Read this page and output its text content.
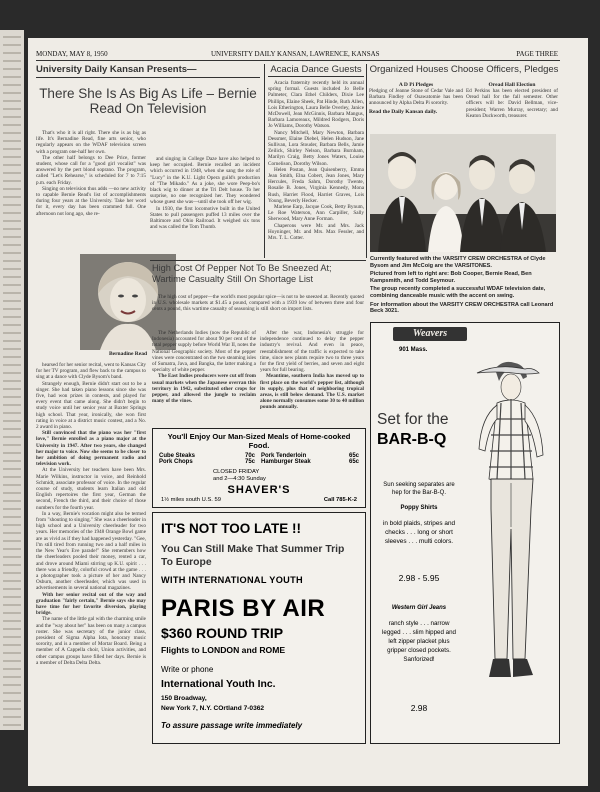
MONDAY, MAY 8, 1950	UNIVERSITY DAILY KANSAN, LAWRENCE, KANSAS	PAGE THREE
University Daily Kansan Presents—
There She Is As Big As Life – Bernie Read On Television

That's who it is all right. There she is as big as life. It's Bernadine Read, fine arts senior, who regularly appears on the WDAF television screen with a program one-half her own.

The other half belongs to Dee Price, former student, whose call for a "good girl vocalist" was answered by the pert blond soprano. The program, called "Let's Rehearse," is scheduled for 7 to 7:15 p.m. each Friday.

Singing on television thus adds —no new activity to capable Bernie Read's list of accomplishments during four years at the University. Take her word for it, every day has been crammed full. One afternoon not long ago, she re-

and singing in College Daze have also helped to keep her occupied. Bernie recalled an incident which occurred in 1948, when she sang the role of "Lucy" in the K.U. Light Opera guild's production of "The Mikado." As a joke, she wore Peep-bo's black wig to dinner at the Tri Delt house. To her surprise, no one recognized her. They wondered whose guest she was—until she took off her wig.

In 1930, the first locomotive built in the United States to pull passengers puffed 13 miles over the Baltimore and Ohio Railroad. It weighed six tons and was called the Tom Thumb.

Bernadine Read

hearsed for her senior recital, went to Kansas City for her TV program, and flew back to the campus to sing at a dance with Clyde Bysom's band.

Strangely enough, Bernie didn't start out to be a singer. She had taken piano lessons since she was five, had won prizes in contests, and played for every event that came along. She didn't begin to study voice until her senior year at Baxter Springs high school. That year, ironically, she won first rating in voice at a district music contest, and a No. 2 award in piano.

Still convinced that the piano was her "first love," Bernie enrolled as a piano major at the University in 1947. After two years, she changed her major to voice. Now she seems to be closer to her ambition of doing permanent radio and television work.

At the University her teachers have been Mrs. Marie Wilkins, instructor in voice, and Reinhold Schmidt, associate professor of voice. In the regular course of study, students learn Italian and old English repertoires the first year, German the second, French the third, and their choice of those numbers for the fourth year.

In a way, Bernie's vocation might also be termed from "shouting to singing." She was a cheerleader in high school and a University cheerleader for two years. Her memories of the 1948 Orange Bowl game are as vivid as if they had happened yesterday. "Gee, I'm still tired from running two and a half miles in the New Year's Eve parade!" She remembers how the cheerleaders pooled their money, rented a car, and drove around Miami stirring up K.U. spirit . . . there was a friendly, colorful crowd at the game . . . a photographer took a picture of her and Nancy Osburn, another cheerleader, which was used in advertisements in several national magazines.

With her senior recital out of the way and graduation "fairly certain," Bernie says she may have time for her favorite diversion, playing bridge.

The name of the little gal with the charming smile and the "way about her" has been on many a campus roster. She was secretary of the junior class, president of Sigma Alpha Iota, honorary music sorority, and is a member of Mortar Board. Being a member of A Cappella choir, Union activities, and other campus groups have filled her days. Bernie is a member of Delta Delta Delta.

Acacia Dance Guests

Acacia fraternity recently held its annual spring formal. Guests included Jo Belle Palmeter, Clara Ethel Childers, Dixie Lee Phillips, Elaine Sheek, Pat Hinde, Ruth Allen, Lois Etherington, Laura Belle Overley, Janice McDowell, Jean McGinnis, Barbara Mangus, Barbara Lamoreaux, Mildred Rodgers, Doris Jo Williams, Dorothy Watson.

Nancy Mitchell, Mary Newton, Barbara Dessmer, Elaine Diebel, Helen Hudson, Jane Sullivan, Lora Stouder, Barbara Bells, Jamie Zeilick, Shirley Nelson, Barbara Burnham, Marilyn Craig, Betty Jones Waters, Louise Cornelison, Dorothy Wilson.

Helen Postan, Jean Quisenberry, Emma Jean Smith, Elna Cobert, Jean Jones, Mary Hercules, Freda Sahm, Dorothy Twente, Rosalie B. Jones, Virginia Kennedy, Mona Rush, Harriet Flood, Harriet Graves, Lois Young, Beverly Hecker.

Marlene Earp, Jacque Cook, Betty Bynum, Le Roe Waterson, Ann Carpiller, Sally Sherwood, Mary Anne Forman.

Chaperons were Mr. and Mrs. Jack Hoyninger, Mr. and Mrs. Max Fessler, and Mrs. T. L. Cotter.

Organized Houses Choose Officers, Pledges
A D Pi Pledges
Pledging of Jeanne Stone of Cedar Vale and Barbara Findley of Osawatomie has been announced by Alpha Delta Pi sorority.
Read the Daily Kansan daily.
Oread Hall Election
Ed Perkins has been elected president of Oread hall for the fall semester. Other officers will be: David Bellman, vice-president; Warren Murray, secretary; and Keaton Duckworth, treasurer.
Currently featured with the VARSITY CREW ORCHESTRA of Clyde Bysom and Jim McCoig are the VARSITONES.
Pictured from left to right are: Bob Cooper, Bernie Read, Ben Kampsmith, and Todd Seymour.
The group recently completed a successful WDAF television date, combining danceable music with the accent on swing.
For information about the VARSITY CREW ORCHESTRA call Leonard Beck 3021.
High Cost Of Pepper Not To Be Sneezed At; Wartime Casualty Still On Shortage List

The high cost of pepper—the world's most popular spice—is not to be sneezed at. Recently quoted in U.S. wholesale markets at $1.45 a pound, compared with a 1939 low of between three and four cents a pound, this wartime casualty of seasoning is still short on import lists.

The Netherlands Indies (now the Republic of Indonesia) accounted for about 90 per cent of the total pepper supply before World War II, notes the National Geographic society. Most of the pepper vines were concentrated on the two steaming isles of Sumatra, Java, and Bangka, the latter making a specialty of white pepper.

The East Indies producers were cut off from usual markets when the Japanese overran this territory in 1942, substituted other crops for pepper, and allowed the jungle to reclaim many of the vines.

After the war, Indonesia's struggle for independence continued to delay the pepper industry's revival. And even in peace, reestablishment of the traffic is expected to take time, since new plants require two to three years for the first yield of berries, and seven and eight years for full bearing.

Meantime, southern India has moved up to first place on the world's pepper list, although its supply, plus that of neighboring tropical areas, is still below demand. The U.S. market alone normally consumes some 30 to 40 million pounds annually.

You'll Enjoy Our Man-Sized Meals of Home-cooked Food.
Cube Steaks	70c
Pork Chops	75c
Pork Tenderloin	65c
Hamburger Steak	65c
CLOSED FRIDAY
and 2—4:30 Sunday
SHAVER'S
1½ miles south U.S. 59	Call 785-K-2
IT'S NOT TOO LATE !!
You Can Still Make That Summer Trip To Europe
WITH INTERNATIONAL YOUTH
PARIS BY AIR
$360 ROUND TRIP
Flights to LONDON and ROME
Write or phone
International Youth Inc.
150 Broadway,
New York 7, N.Y. COrtland 7-0362
To assure passage write immediately
Weavers
901 Mass.
Set for the
BAR-B-Q
Sun seeking separates are hep for the Bar-B-Q.
Poppy Shirts
in bold plaids, stripes and checks . . . long or short sleeves . . . multi colors.
2.98 - 5.95
Western Girl Jeans
ranch style . . . narrow legged . . . slim hipped and left zipper placket plus gripper closed pockets. Sanforized!
2.98
